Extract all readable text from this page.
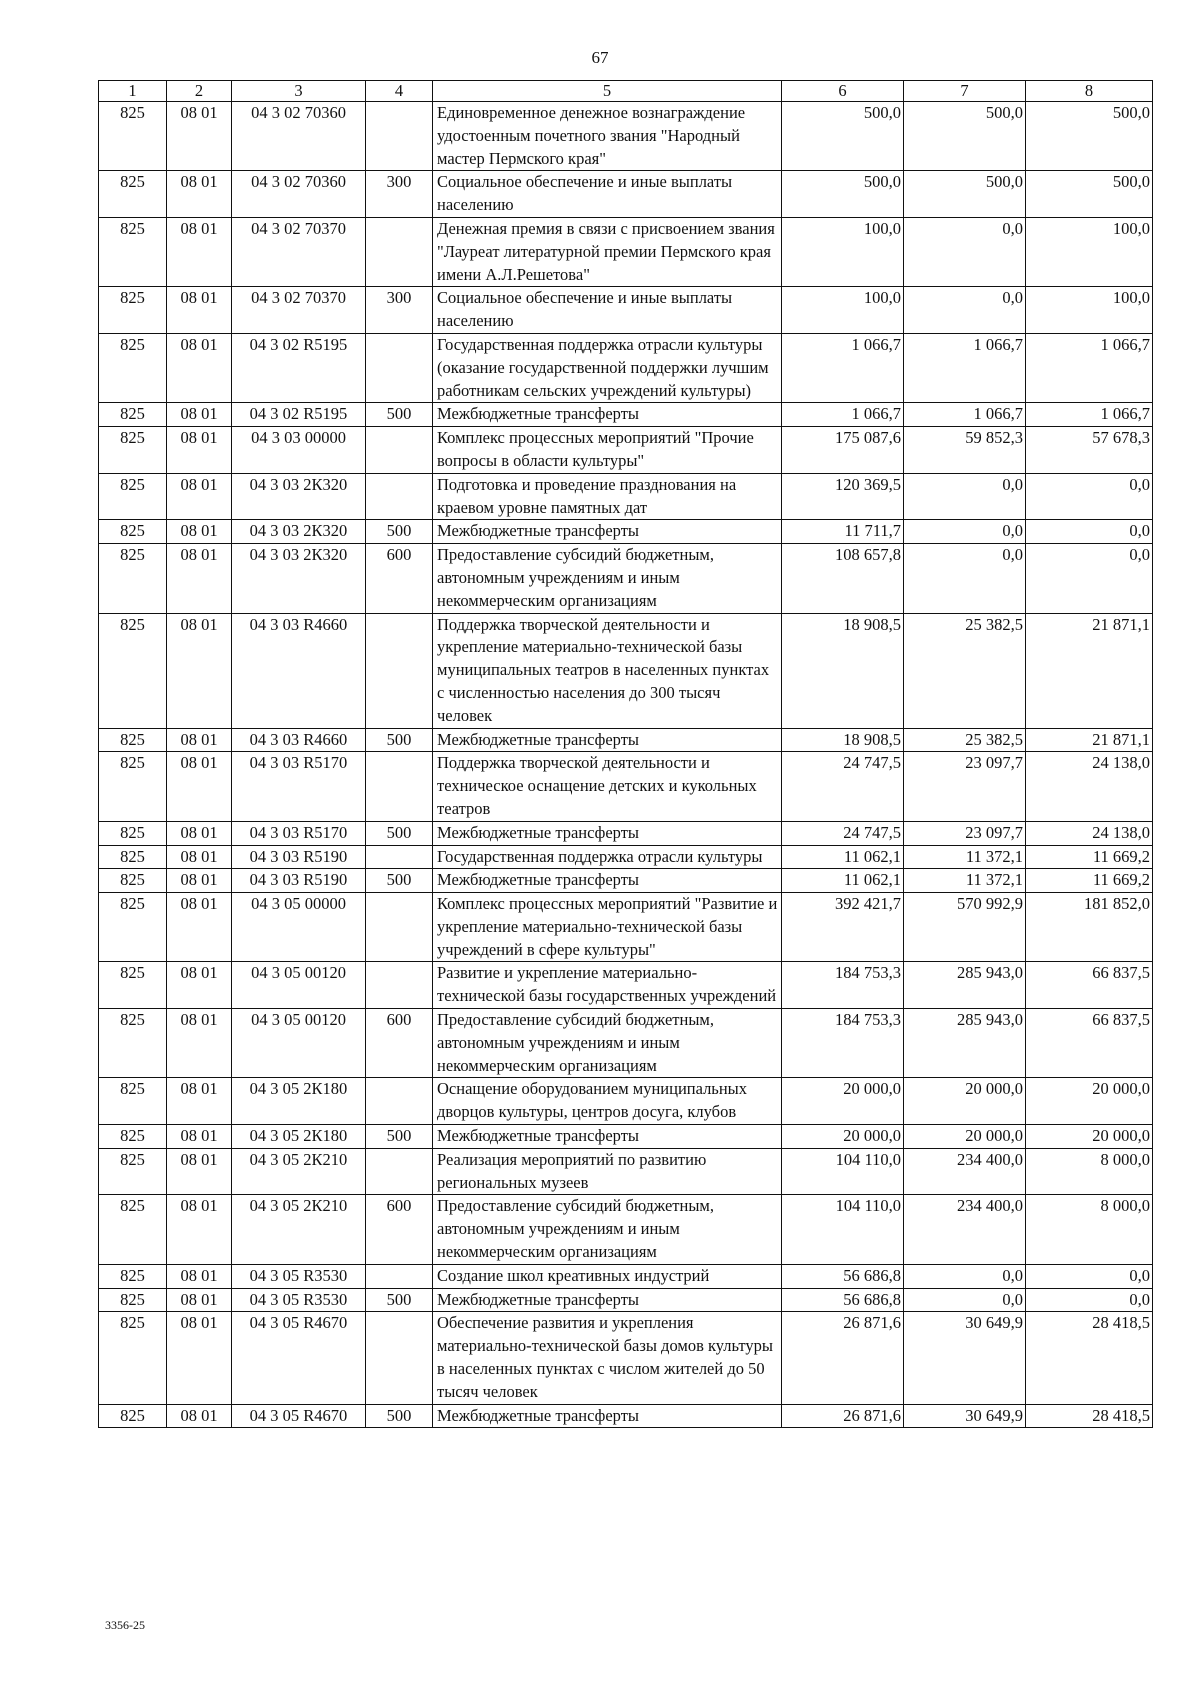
67
1	2	3	4	5	6	7	8
825	08 01	04 3 02 70360		Единовременное денежное вознаграждение удостоенным почетного звания "Народный мастер Пермского края"	500,0	500,0	500,0
825	08 01	04 3 02 70360	300	Социальное обеспечение и иные выплаты населению	500,0	500,0	500,0
825	08 01	04 3 02 70370		Денежная премия в связи с присвоением звания "Лауреат литературной премии Пермского края имени А.Л.Решетова"	100,0	0,0	100,0
825	08 01	04 3 02 70370	300	Социальное обеспечение и иные выплаты населению	100,0	0,0	100,0
825	08 01	04 3 02 R5195		Государственная поддержка отрасли культуры (оказание государственной поддержки лучшим работникам сельских учреждений культуры)	1 066,7	1 066,7	1 066,7
825	08 01	04 3 02 R5195	500	Межбюджетные трансферты	1 066,7	1 066,7	1 066,7
825	08 01	04 3 03 00000		Комплекс процессных мероприятий "Прочие вопросы в области культуры"	175 087,6	59 852,3	57 678,3
825	08 01	04 3 03 2К320		Подготовка и проведение празднования на краевом уровне памятных дат	120 369,5	0,0	0,0
825	08 01	04 3 03 2К320	500	Межбюджетные трансферты	11 711,7	0,0	0,0
825	08 01	04 3 03 2К320	600	Предоставление субсидий бюджетным, автономным учреждениям и иным некоммерческим организациям	108 657,8	0,0	0,0
825	08 01	04 3 03 R4660		Поддержка творческой деятельности и укрепление материально-технической базы муниципальных театров в населенных пунктах с численностью населения до 300 тысяч человек	18 908,5	25 382,5	21 871,1
825	08 01	04 3 03 R4660	500	Межбюджетные трансферты	18 908,5	25 382,5	21 871,1
825	08 01	04 3 03 R5170		Поддержка творческой деятельности и техническое оснащение детских и кукольных театров	24 747,5	23 097,7	24 138,0
825	08 01	04 3 03 R5170	500	Межбюджетные трансферты	24 747,5	23 097,7	24 138,0
825	08 01	04 3 03 R5190		Государственная поддержка отрасли культуры	11 062,1	11 372,1	11 669,2
825	08 01	04 3 03 R5190	500	Межбюджетные трансферты	11 062,1	11 372,1	11 669,2
825	08 01	04 3 05 00000		Комплекс процессных мероприятий "Развитие и укрепление материально-технической базы учреждений в сфере культуры"	392 421,7	570 992,9	181 852,0
825	08 01	04 3 05 00120		Развитие и укрепление материально-технической базы государственных учреждений	184 753,3	285 943,0	66 837,5
825	08 01	04 3 05 00120	600	Предоставление субсидий бюджетным, автономным учреждениям и иным некоммерческим организациям	184 753,3	285 943,0	66 837,5
825	08 01	04 3 05 2К180		Оснащение оборудованием муниципальных дворцов культуры, центров досуга, клубов	20 000,0	20 000,0	20 000,0
825	08 01	04 3 05 2К180	500	Межбюджетные трансферты	20 000,0	20 000,0	20 000,0
825	08 01	04 3 05 2К210		Реализация мероприятий по развитию региональных музеев	104 110,0	234 400,0	8 000,0
825	08 01	04 3 05 2К210	600	Предоставление субсидий бюджетным, автономным учреждениям и иным некоммерческим организациям	104 110,0	234 400,0	8 000,0
825	08 01	04 3 05 R3530		Создание школ креативных индустрий	56 686,8	0,0	0,0
825	08 01	04 3 05 R3530	500	Межбюджетные трансферты	56 686,8	0,0	0,0
825	08 01	04 3 05 R4670		Обеспечение развития и укрепления материально-технической базы домов культуры в населенных пунктах с числом жителей до 50 тысяч человек	26 871,6	30 649,9	28 418,5
825	08 01	04 3 05 R4670	500	Межбюджетные трансферты	26 871,6	30 649,9	28 418,5
3356-25
